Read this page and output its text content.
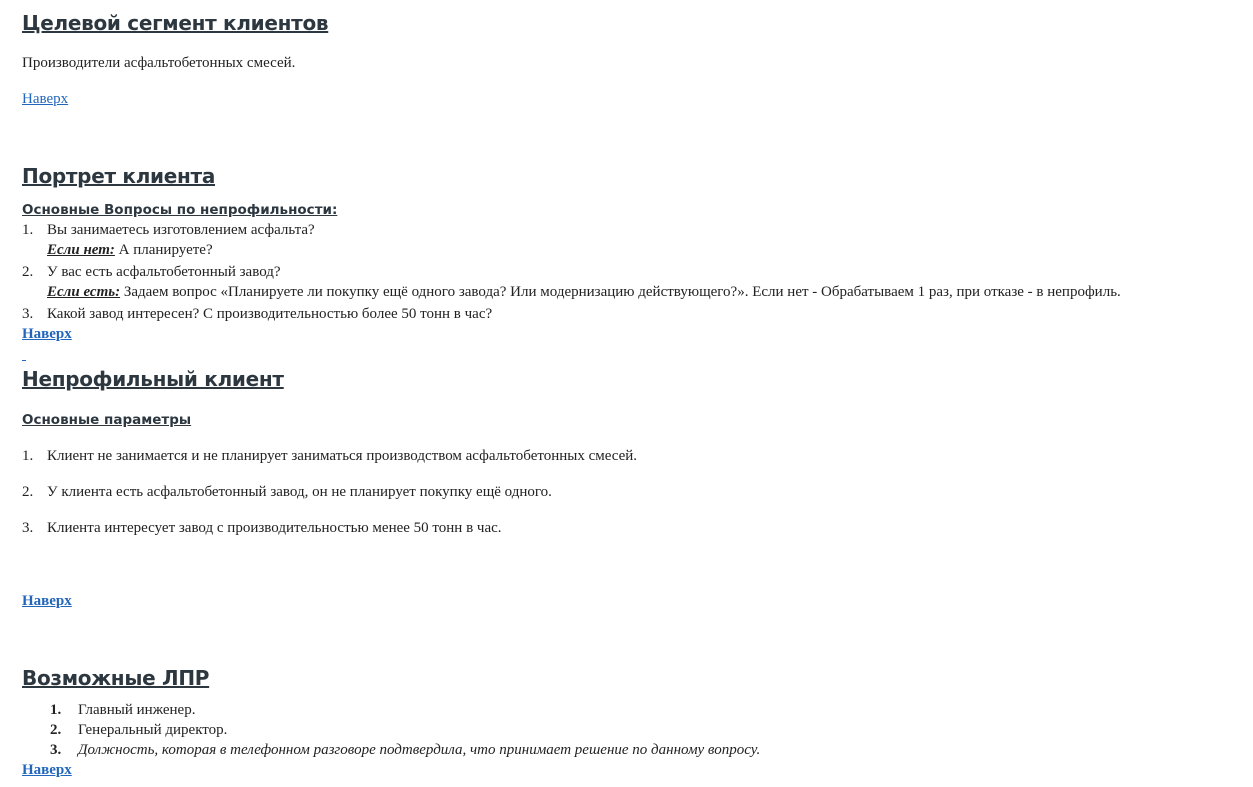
Целевой сегмент клиентов
Производители асфальтобетонных смесей.
Наверх
Портрет клиента
Основные Вопросы по непрофильности:
1. Вы занимаетесь изготовлением асфальта?
Если нет: А планируете?
2. У вас есть асфальтобетонный завод?
Если есть: Задаем вопрос «Планируете ли покупку ещё одного завода? Или модернизацию действующего?». Если нет - Обрабатываем 1 раз, при отказе - в непрофиль.
3. Какой завод интересен? С производительностью более 50 тонн в час?
Наверх
Непрофильный клиент
Основные параметры
1. Клиент не занимается и не планирует заниматься производством асфальтобетонных смесей.
2. У клиента есть асфальтобетонный завод, он не планирует покупку ещё одного.
3. Клиента интересует завод с производительностью менее 50 тонн в час.
Наверх
Возможные ЛПР
1. Главный инженер.
2. Генеральный директор.
3. Должность, которая в телефонном разговоре подтвердила, что принимает решение по данному вопросу.
Наверх
